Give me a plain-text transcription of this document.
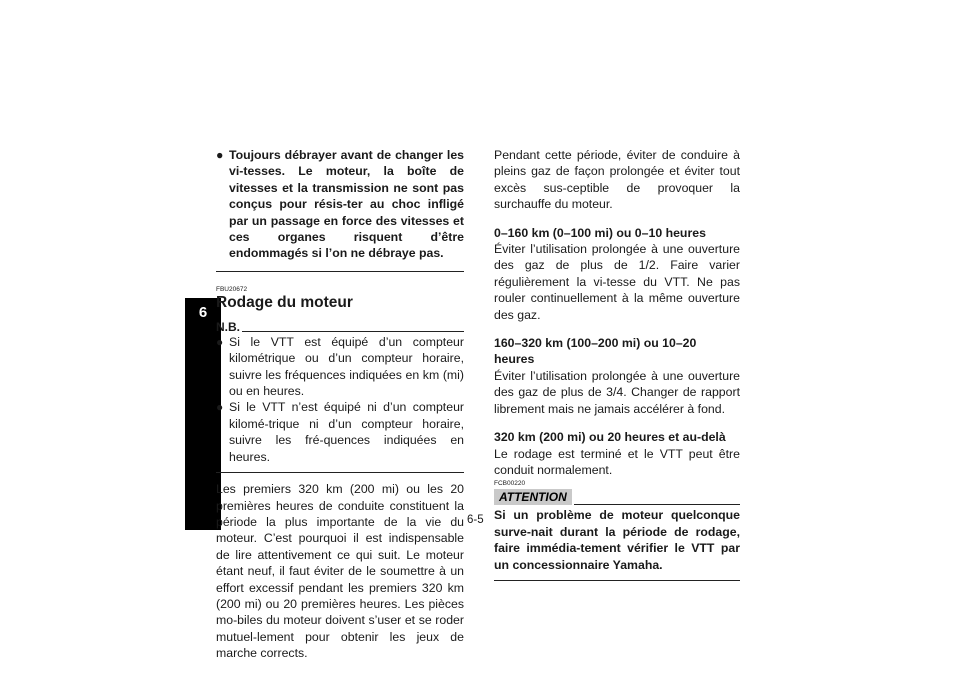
6
● Toujours débrayer avant de changer les vi-tesses. Le moteur, la boîte de vitesses et la transmission ne sont pas conçus pour résis-ter au choc infligé par un passage en force des vitesses et ces organes risquent d’être endommagés si l’on ne débraye pas.
FBU20672
Rodage du moteur
N.B.
● Si le VTT est équipé d’un compteur kilométrique ou d’un compteur horaire, suivre les fréquences indiquées en km (mi) ou en heures.
● Si le VTT n’est équipé ni d’un compteur kilomé-trique ni d’un compteur horaire, suivre les fré-quences indiquées en heures.

Les premiers 320 km (200 mi) ou les 20 premières heures de conduite constituent la période la plus importante de la vie du moteur. C’est pourquoi il est indispensable de lire attentivement ce qui suit. Le moteur étant neuf, il faut éviter de le soumettre à un effort excessif pendant les premiers 320 km (200 mi) ou 20 premières heures. Les pièces mo-biles du moteur doivent s’user et se roder mutuel-lement pour obtenir les jeux de marche corrects.

Pendant cette période, éviter de conduire à pleins gaz de façon prolongée et éviter tout excès sus-ceptible de provoquer la surchauffe du moteur.

0–160 km (0–100 mi) ou 0–10 heures

Éviter l’utilisation prolongée à une ouverture des gaz de plus de 1/2. Faire varier régulièrement la vi-tesse du VTT. Ne pas rouler continuellement à la même ouverture des gaz.

160–320 km (100–200 mi) ou 10–20 heures

Éviter l’utilisation prolongée à une ouverture des gaz de plus de 3/4. Changer de rapport librement mais ne jamais accélérer à fond.

320 km (200 mi) ou 20 heures et au-delà

Le rodage est terminé et le VTT peut être conduit normalement.

FCB00220
ATTENTION
Si un problème de moteur quelconque surve-nait durant la période de rodage, faire immédia-tement vérifier le VTT par un concessionnaire Yamaha.
6-5
